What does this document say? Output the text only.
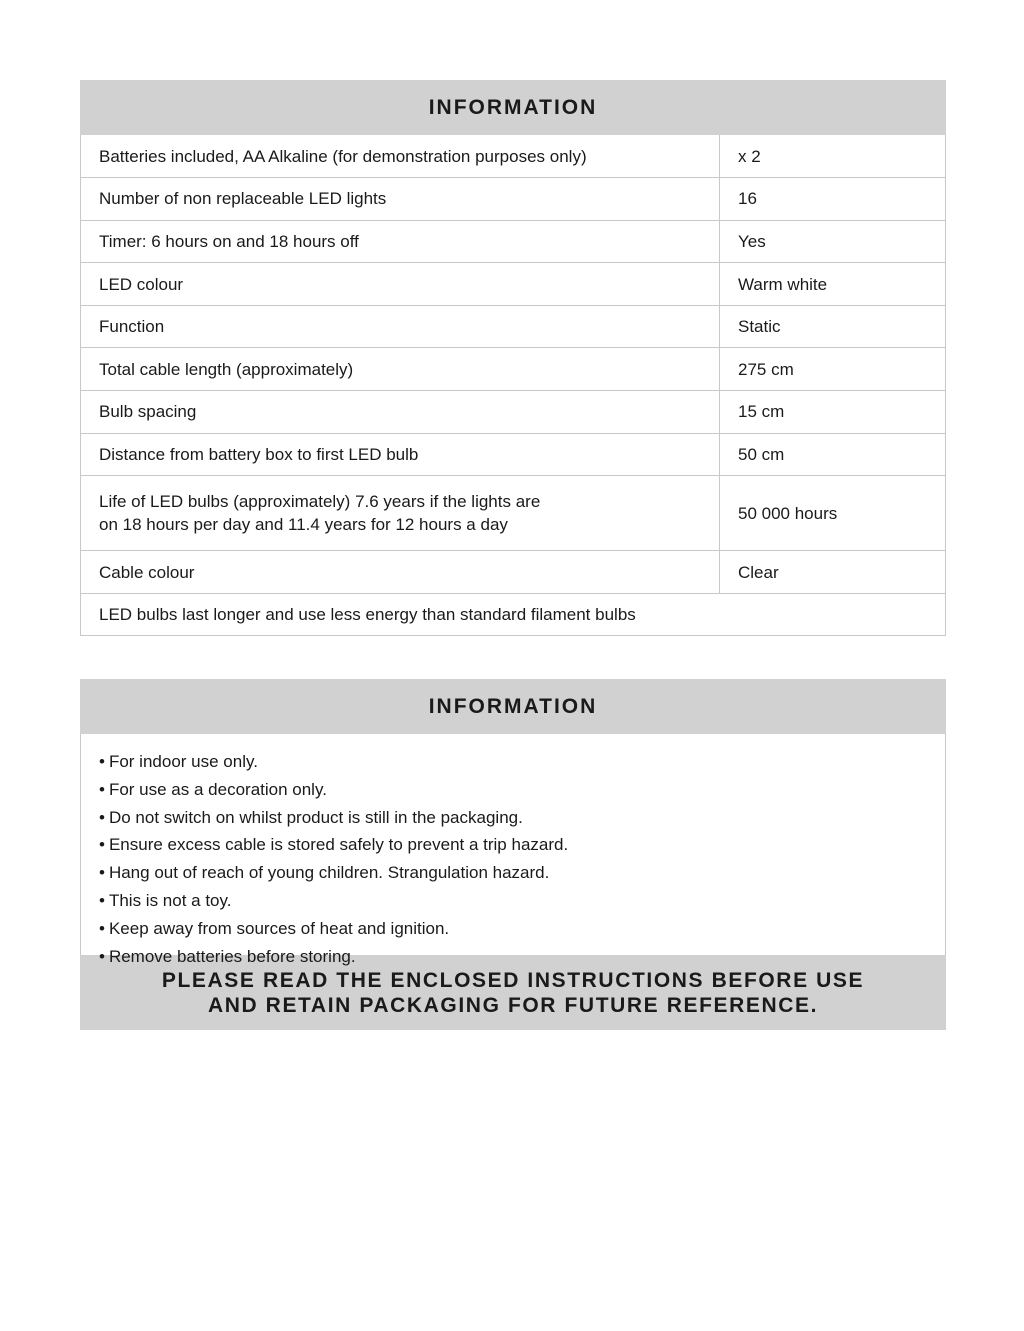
INFORMATION
Batteries included, AA Alkaline (for demonstration purposes only)	x 2
Number of non replaceable LED lights	16
Timer: 6 hours on and 18 hours off	Yes
LED colour	Warm white
Function	Static
Total cable length (approximately)	275 cm
Bulb spacing	15 cm
Distance from battery box to first LED bulb	50 cm

Life of LED bulbs (approximately) 7.6 years if the lights are
on 18 hours per day and 11.4 years for 12 hours a day	50 000 hours
Cable colour	Clear
LED bulbs last longer and use less energy than standard filament bulbs	
INFORMATION
• For indoor use only.
• For use as a decoration only.
• Do not switch on whilst product is still in the packaging.
• Ensure excess cable is stored safely to prevent a trip hazard.
• Hang out of reach of young children. Strangulation hazard.
• This is not a toy.
• Keep away from sources of heat and ignition.
• Remove batteries before storing.
PLEASE READ THE ENCLOSED INSTRUCTIONS BEFORE USE
AND RETAIN PACKAGING FOR FUTURE REFERENCE.
